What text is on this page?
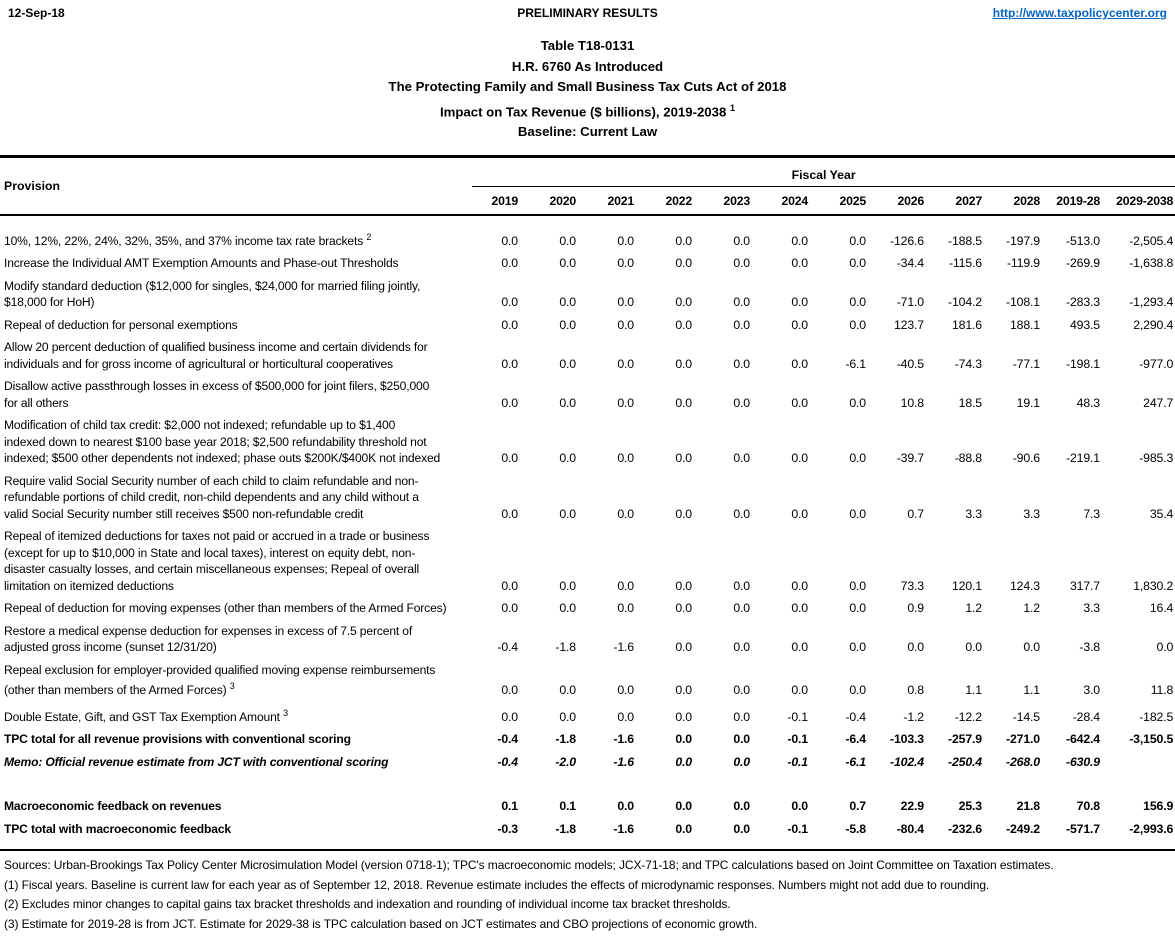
12-Sep-18	PRELIMINARY RESULTS	http://www.taxpolicycenter.org
Table T18-0131
H.R. 6760 As Introduced
The Protecting Family and Small Business Tax Cuts Act of 2018
Impact on Tax Revenue ($ billions), 2019-2038 $^1$
Baseline: Current Law
Provision	Fiscal Year											

	2019	2020	2021	2022	2023	2024	2025	2026	2027	2028	2019-28	2029-2038
10%, 12%, 22%, 24%, 32%, 35%, and 37% income tax rate brackets $^2$	0.0	0.0	0.0	0.0	0.0	0.0	0.0	-126.6	-188.5	-197.9	-513.0	-2,505.4
Increase the Individual AMT Exemption Amounts and Phase-out Thresholds	0.0	0.0	0.0	0.0	0.0	0.0	0.0	-34.4	-115.6	-119.9	-269.9	-1,638.8
Modify standard deduction ($12,000 for singles, $24,000 for married filing jointly,
$18,000 for HoH)	0.0	0.0	0.0	0.0	0.0	0.0	0.0	-71.0	-104.2	-108.1	-283.3	-1,293.4
Repeal of deduction for personal exemptions	0.0	0.0	0.0	0.0	0.0	0.0	0.0	123.7	181.6	188.1	493.5	2,290.4
Allow 20 percent deduction of qualified business income and certain dividends for
individuals and for gross income of agricultural or horticultural cooperatives	0.0	0.0	0.0	0.0	0.0	0.0	-6.1	-40.5	-74.3	-77.1	-198.1	-977.0
Disallow active passthrough losses in excess of $500,000 for joint filers, $250,000
for all others	0.0	0.0	0.0	0.0	0.0	0.0	0.0	10.8	18.5	19.1	48.3	247.7
Modification of child tax credit: $2,000 not indexed; refundable up to $1,400
indexed down to nearest $100 base year 2018; $2,500 refundability threshold not
indexed; $500 other dependents not indexed; phase outs $200K/$400K not indexed	0.0	0.0	0.0	0.0	0.0	0.0	0.0	-39.7	-88.8	-90.6	-219.1	-985.3
Require valid Social Security number of each child to claim refundable and non-
refundable portions of child credit, non-child dependents and any child without a
valid Social Security number still receives $500 non-refundable credit	0.0	0.0	0.0	0.0	0.0	0.0	0.0	0.7	3.3	3.3	7.3	35.4
Repeal of itemized deductions for taxes not paid or accrued in a trade or business
(except for up to $10,000 in State and local taxes), interest on equity debt, non-
disaster casualty losses, and certain miscellaneous expenses; Repeal of overall
limitation on itemized deductions	0.0	0.0	0.0	0.0	0.0	0.0	0.0	73.3	120.1	124.3	317.7	1,830.2
Repeal of deduction for moving expenses (other than members of the Armed Forces)	0.0	0.0	0.0	0.0	0.0	0.0	0.0	0.9	1.2	1.2	3.3	16.4
Restore a medical expense deduction for expenses in excess of 7.5 percent of
adjusted gross income (sunset 12/31/20)	-0.4	-1.8	-1.6	0.0	0.0	0.0	0.0	0.0	0.0	0.0	-3.8	0.0
Repeal exclusion for employer-provided qualified moving expense reimbursements
(other than members of the Armed Forces) $^3$	0.0	0.0	0.0	0.0	0.0	0.0	0.0	0.8	1.1	1.1	3.0	11.8
Double Estate, Gift, and GST Tax Exemption Amount $^3$	0.0	0.0	0.0	0.0	0.0	-0.1	-0.4	-1.2	-12.2	-14.5	-28.4	-182.5
TPC total for all revenue provisions with conventional scoring	-0.4	-1.8	-1.6	0.0	0.0	-0.1	-6.4	-103.3	-257.9	-271.0	-642.4	-3,150.5
Memo: Official revenue estimate from JCT with conventional scoring	-0.4	-2.0	-1.6	0.0	0.0	-0.1	-6.1	-102.4	-250.4	-268.0	-630.9	
Macroeconomic feedback on revenues	0.1	0.1	0.0	0.0	0.0	0.0	0.7	22.9	25.3	21.8	70.8	156.9
TPC total with macroeconomic feedback	-0.3	-1.8	-1.6	0.0	0.0	-0.1	-5.8	-80.4	-232.6	-249.2	-571.7	-2,993.6
Sources: Urban-Brookings Tax Policy Center Microsimulation Model (version 0718-1); TPC's macroeconomic models; JCX-71-18; and TPC calculations based on Joint Committee on Taxation estimates.
(1) Fiscal years. Baseline is current law for each year as of September 12, 2018. Revenue estimate includes the effects of microdynamic responses. Numbers might not add due to rounding.
(2) Excludes minor changes to capital gains tax bracket thresholds and indexation and rounding of individual income tax bracket thresholds.
(3) Estimate for 2019-28 is from JCT. Estimate for 2029-38 is TPC calculation based on JCT estimates and CBO projections of economic growth.
